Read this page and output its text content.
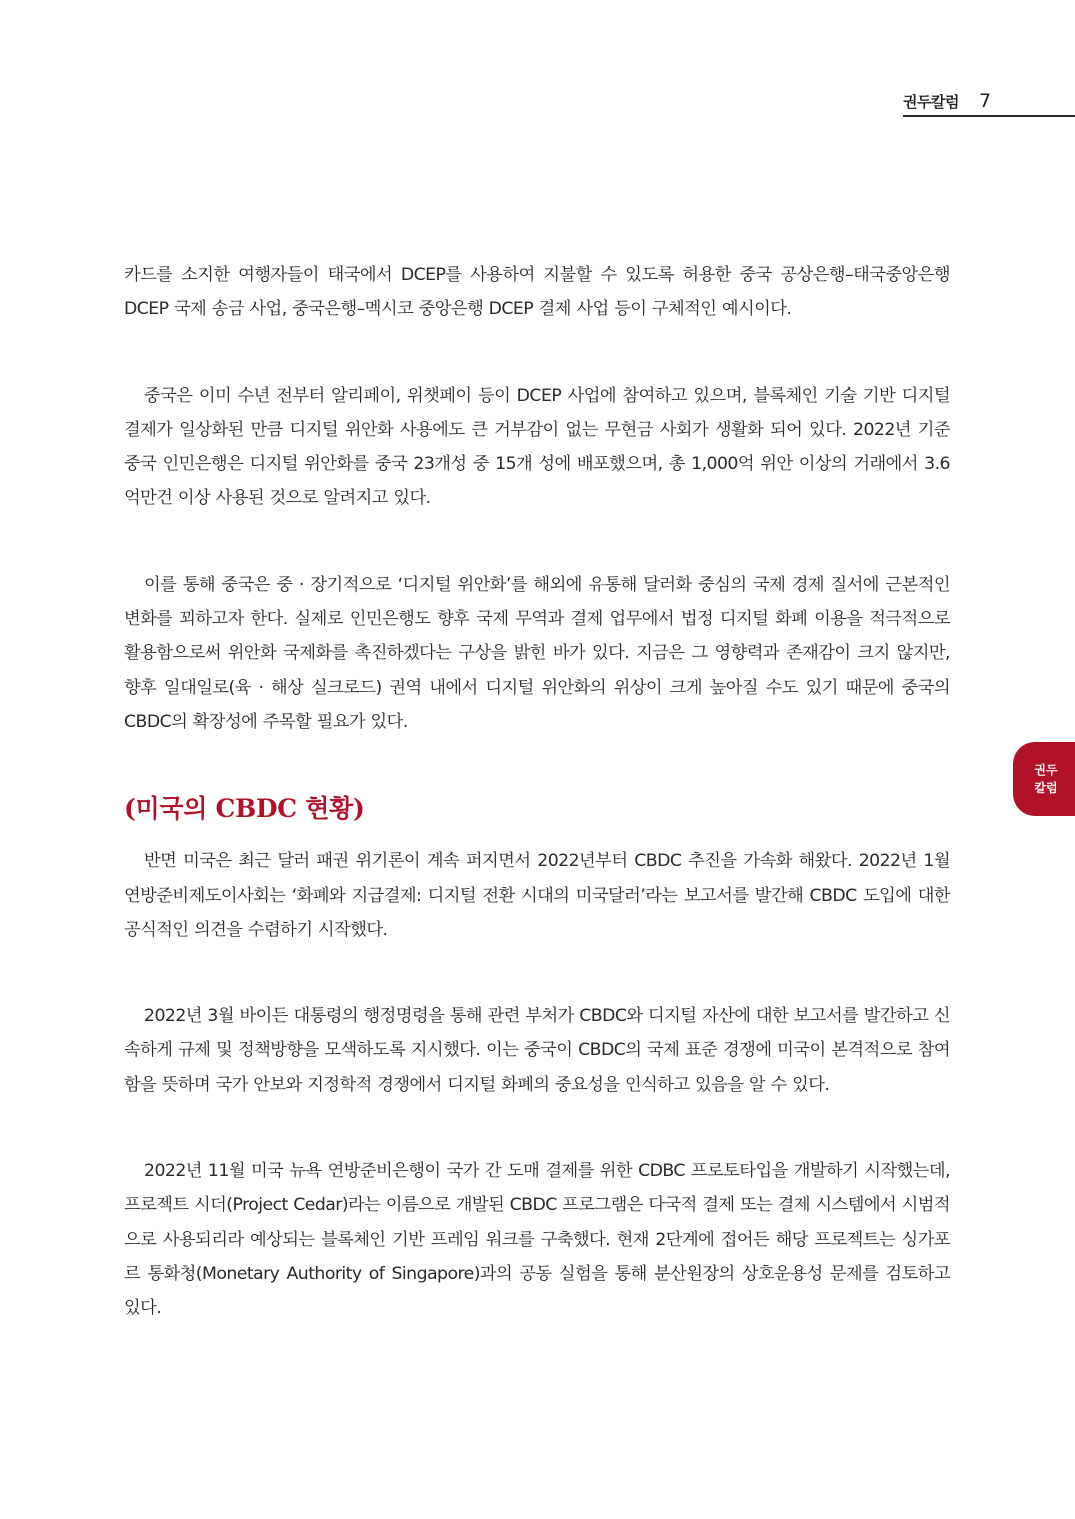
권두칼럼 7
권두
칼럼

카드를 소지한 여행자들이 태국에서 DCEP를 사용하여 지불할 수 있도록 허용한 중국 공상은행–태국중앙은행 DCEP 국제 송금 사업, 중국은행–멕시코 중앙은행 DCEP 결제 사업 등이 구체적인 예시이다.

중국은 이미 수년 전부터 알리페이, 위챗페이 등이 DCEP 사업에 참여하고 있으며, 블록체인 기술 기반 디지털 결제가 일상화된 만큼 디지털 위안화 사용에도 큰 거부감이 없는 무현금 사회가 생활화 되어 있다. 2022년 기준 중국 인민은행은 디지털 위안화를 중국 23개성 중 15개 성에 배포했으며, 총 1,000억 위안 이상의 거래에서 3.6억만건 이상 사용된 것으로 알려지고 있다.

이를 통해 중국은 중 · 장기적으로 ‘디지털 위안화’를 해외에 유통해 달러화 중심의 국제 경제 질서에 근본적인 변화를 꾀하고자 한다. 실제로 인민은행도 향후 국제 무역과 결제 업무에서 법정 디지털 화폐 이용을 적극적으로 활용함으로써 위안화 국제화를 촉진하겠다는 구상을 밝힌 바가 있다. 지금은 그 영향력과 존재감이 크지 않지만, 향후 일대일로(육 · 해상 실크로드) 권역 내에서 디지털 위안화의 위상이 크게 높아질 수도 있기 때문에 중국의 CBDC의 확장성에 주목할 필요가 있다.

(미국의 CBDC 현황)

반면 미국은 최근 달러 패권 위기론이 계속 퍼지면서 2022년부터 CBDC 추진을 가속화 해왔다. 2022년 1월 연방준비제도이사회는 ‘화폐와 지급결제: 디지털 전환 시대의 미국달러’라는 보고서를 발간해 CBDC 도입에 대한 공식적인 의견을 수렴하기 시작했다.

2022년 3월 바이든 대통령의 행정명령을 통해 관련 부처가 CBDC와 디지털 자산에 대한 보고서를 발간하고 신속하게 규제 및 정책방향을 모색하도록 지시했다. 이는 중국이 CBDC의 국제 표준 경쟁에 미국이 본격적으로 참여함을 뜻하며 국가 안보와 지정학적 경쟁에서 디지털 화폐의 중요성을 인식하고 있음을 알 수 있다.

2022년 11월 미국 뉴욕 연방준비은행이 국가 간 도매 결제를 위한 CDBC 프로토타입을 개발하기 시작했는데, 프로젝트 시더(Project Cedar)라는 이름으로 개발된 CBDC 프로그램은 다국적 결제 또는 결제 시스템에서 시범적으로 사용되리라 예상되는 블록체인 기반 프레임 워크를 구축했다. 현재 2단계에 접어든 해당 프로젝트는 싱가포르 통화청(Monetary Authority of Singapore)과의 공동 실험을 통해 분산원장의 상호운용성 문제를 검토하고 있다.
